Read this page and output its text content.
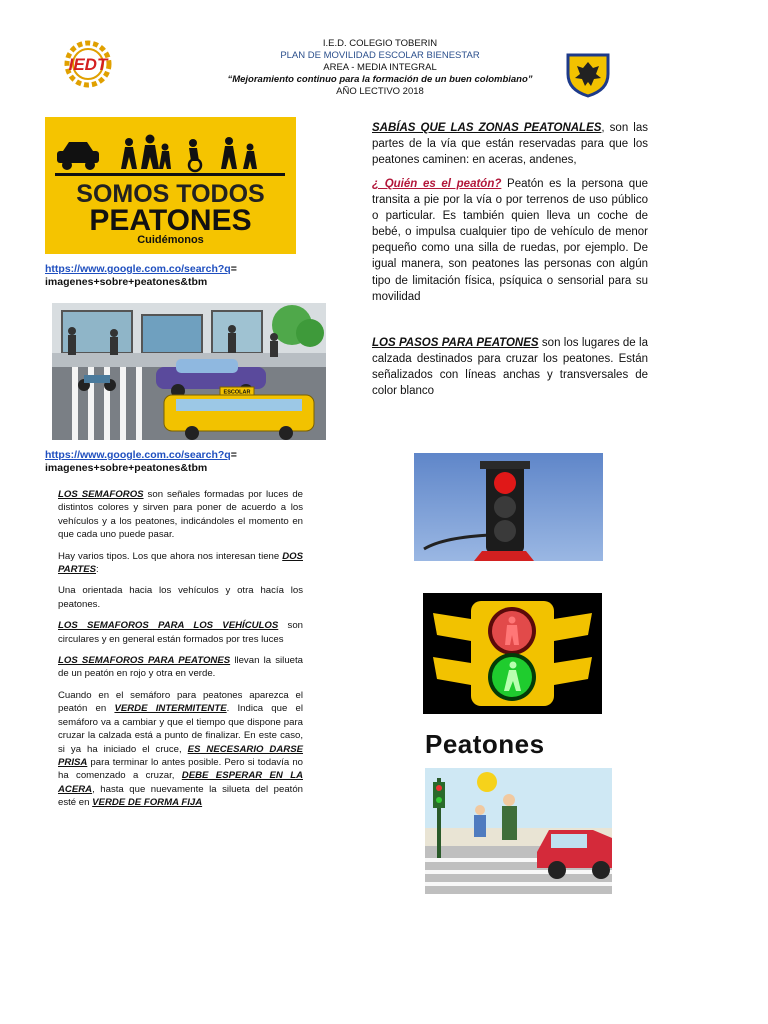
IEDT
I.E.D. COLEGIO TOBERIN
PLAN DE MOVILIDAD ESCOLAR BIENESTAR
AREA - MEDIA INTEGRAL
“Mejoramiento continuo para la formación de un buen colombiano”
AÑO LECTIVO 2018
SOMOS TODOS
PEATONES
Cuidémonos
https://www.google.com.co/search?q=
imagenes+sobre+peatones&tbm
ESCOLAR
https://www.google.com.co/search?q=
imagenes+sobre+peatones&tbm
SABÍAS QUE LAS ZONAS PEATONALES, son las partes de la vía que están reservadas para que los peatones caminen: en aceras, andenes,
¿ Quién es el peatón? Peatón es la persona que transita a pie por la vía o por terrenos de uso público o particular. Es también quien lleva un coche de bebé, o impulsa cualquier tipo de vehículo de menor pequeño como una silla de ruedas, por ejemplo. De igual manera, son peatones las personas con algún tipo de limitación física, psíquica o sensorial para su movilidad
LOS PASOS PARA PEATONES son los lugares de la calzada destinados para cruzar los peatones. Están señalizados con líneas anchas y transversales de color blanco
Peatones

LOS SEMAFOROS son señales formadas por luces de distintos colores y sirven para poner de acuerdo a los vehículos y a los peatones, indicándoles el momento en que cada uno puede pasar.

Hay varios tipos. Los que ahora nos interesan tiene DOS PARTES:

Una orientada hacia los vehículos y otra hacía los peatones.

LOS SEMAFOROS PARA LOS VEHÍCULOS son circulares y en general están formados por tres luces

LOS SEMAFOROS PARA PEATONES llevan la silueta de un peatón en rojo y otra en verde.

Cuando en el semáforo para peatones aparezca el peatón en VERDE INTERMITENTE. Indica que el semáforo va a cambiar y que el tiempo que dispone para cruzar la calzada está a punto de finalizar. En este caso, si ya ha iniciado el cruce, ES NECESARIO DARSE PRISA para terminar lo antes posible. Pero si todavía no ha comenzado a cruzar, DEBE ESPERAR EN LA ACERA, hasta que nuevamente la silueta del peatón esté en VERDE DE FORMA FIJA
